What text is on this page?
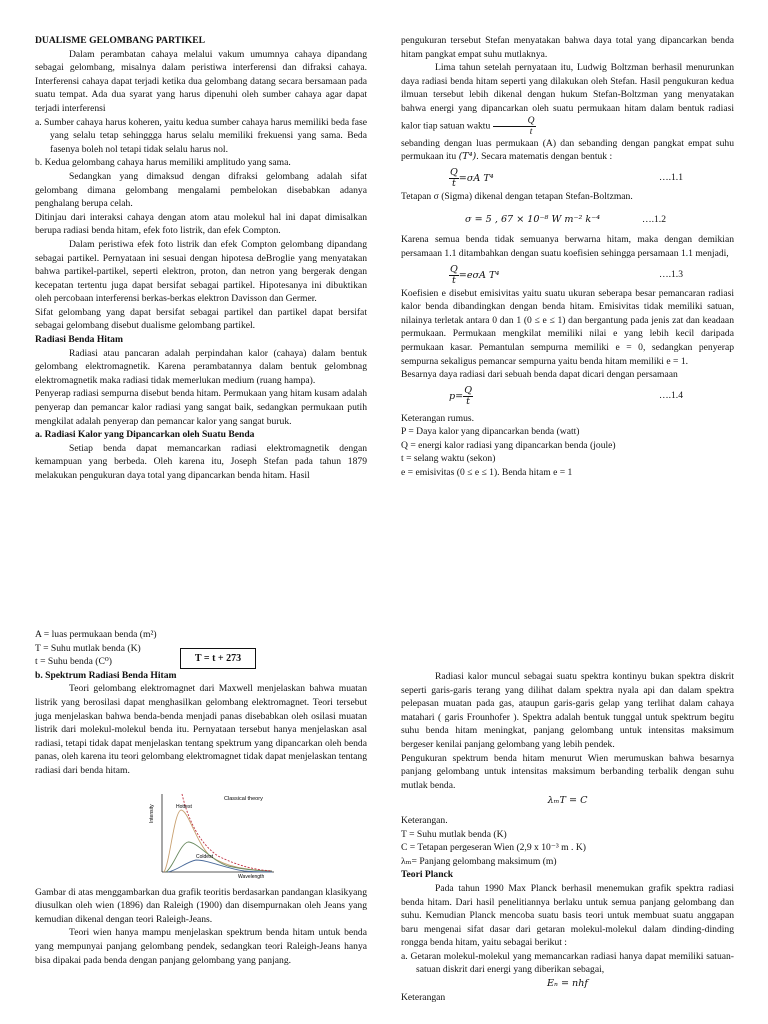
DUALISME GELOMBANG PARTIKEL

Dalam perambatan cahaya melalui vakum umumnya cahaya dipandang sebagai gelombang, misalnya dalam peristiwa interferensi dan difraksi cahaya. Interferensi cahaya dapat terjadi ketika dua gelombang datang secara bersamaan pada suatu tempat. Ada dua syarat yang harus dipenuhi oleh sumber cahaya agar dapat terjadi interferensi

a. Sumber cahaya harus koheren, yaitu kedua sumber cahaya harus memiliki beda fase yang selalu tetap sehinggga harus selalu memiliki frekuensi yang sama. Beda fasenya boleh nol tetapi tidak selalu harus nol.

b. Kedua gelombang cahaya harus memiliki amplitudo yang sama.

Sedangkan yang dimaksud dengan difraksi gelombang adalah sifat gelombang dimana gelombang mengalami pembelokan disebabkan adanya penghalang berupa celah.

Ditinjau dari interaksi cahaya dengan atom atau molekul hal ini dapat dimisalkan berupa radiasi benda hitam, efek foto listrik, dan efek Compton.

Dalam peristiwa efek foto listrik dan efek Compton gelombang dipandang sebagai partikel. Pernyataan ini sesuai dengan hipotesa deBroglie yang menyatakan bahwa partikel-partikel, seperti elektron, proton, dan netron yang bergerak dengan kecepatan tertentu juga dapat bersifat sebagai partikel. Hipotesanya ini dibuktikan oleh percobaan interferensi berkas-berkas elektron Davisson dan Germer.

Sifat gelombang yang dapat bersifat sebagai partikel dan partikel dapat bersifat sebagai gelombang disebut dualisme gelombang partikel.

Radiasi Benda Hitam

Radiasi atau pancaran adalah perpindahan kalor (cahaya) dalam bentuk gelombang elektromagnetik. Karena perambatannya dalam bentuk gelombnag elektromagnetik maka radiasi tidak memerlukan medium (ruang hampa).

Penyerap radiasi sempurna disebut benda hitam. Permukaan yang hitam kusam adalah penyerap dan pemancar kalor radiasi yang sangat baik, sedangkan permukaan putih mengkilat adalah penyerap dan pemancar kalor yang sangat buruk.

a. Radiasi Kalor yang Dipancarkan oleh Suatu Benda

Setiap benda dapat memancarkan radiasi elektromagnetik dengan kemampuan yang berbeda. Oleh karena itu, Joseph Stefan pada tahun 1879 melakukan pengukuran daya total yang dipancarkan benda hitam. Hasil

pengukuran tersebut Stefan menyatakan bahwa daya total yang dipancarkan benda hitam pangkat empat suhu mutlaknya.

Lima tahun setelah pernyataan itu, Ludwig Boltzman berhasil menurunkan daya radiasi benda hitam seperti yang dilakukan oleh Stefan. Hasil pengukuran kedua ilmuan tersebut lebih dikenal dengan hukum Stefan-Boltzman yang menyatakan bahwa energi yang dipancarkan oleh suatu permukaan hitam dalam bentuk radiasi kalor tiap satuan waktu $\frac{Q}{t}$

sebanding dengan luas permukaan (A) dan sebanding dengan pangkat empat suhu permukaan itu (T⁴). Secara matematis dengan bentuk :

$\frac{Q}{t} =\sigma A$ T⁴	….1.1

Tetapan σ (Sigma) dikenal dengan tetapan Stefan-Boltzman.

σ = 5 , 67 × 10⁻⁸ W m⁻² k⁻⁴	….1.2

Karena semua benda tidak semuanya berwarna hitam, maka dengan demikian persamaan 1.1 ditambahkan dengan suatu koefisien sehingga persamaan 1.1 menjadi,

$\frac{Q}{t} =e\sigma A$ T⁴	….1.3

Koefisien e disebut emisivitas yaitu suatu ukuran seberapa besar pemancaran radiasi kalor benda dibandingkan dengan benda hitam. Emisivitas tidak memiliki satuan, nilainya terletak antara 0 dan 1 (0 ≤ e ≤ 1) dan bergantung pada jenis zat dan keadaan permukaan. Permukaan mengkilat memiliki nilai e yang lebih kecil daripada permukaan kasar. Pemantulan sempurna memiliki e = 0, sedangkan penyerap sempurna sekaligus pemancar sempurna yaitu benda hitam memiliki e = 1.

Besarnya daya radiasi dari sebuah benda dapat dicari dengan persamaan

$p= \frac{Q}{t}$	….1.4

Keterangan rumus.

P = Daya kalor yang dipancarkan benda (watt)

Q = energi kalor radiasi yang dipancarkan benda (joule)

t = selang waktu (sekon)

e = emisivitas (0 ≤ e ≤ 1). Benda hitam e = 1

A = luas permukaan benda (m²)

T = Suhu mutlak benda (K)

t = Suhu benda (C⁰)

b. Spektrum Radiasi Benda Hitam

Teori gelombang elektromagnet dari Maxwell menjelaskan bahwa muatan listrik yang berosilasi dapat menghasilkan gelombang elektromagnet. Teori tersebut juga menjelaskan bahwa benda-benda menjadi panas disebabkan oleh osilasi muatan listrik dari molekul-molekul benda itu. Pernyataan tersebut hanya menjelaskan asal radiasi, tetapi tidak dapat menjelaskan tentang spektrum yang dipancarkan oleh benda panas, oleh karena itu teori gelombang elektromagnet tidak dapat menjelaskan tentang radiasi dari benda hitam.

Gambar di atas menggambarkan dua grafik teoritis berdasarkan pandangan klasikyang diusulkan oleh wien (1896) dan Raleigh (1900) dan disempurnakan oleh Jeans yang kemudian dikenal dengan teori Raleigh-Jeans.

Teori wien hanya mampu menjelaskan spektrum benda hitam untuk benda yang mempunyai panjang gelombang pendek, sedangkan teori Raleigh-Jeans hanya bisa dipakai pada benda dengan panjang gelombang yang panjang.

T = t + 273
Intensity
Classical theory
Hottest
Coldest
Wavelength

Radiasi kalor muncul sebagai suatu spektra kontinyu bukan spektra diskrit seperti garis-garis terang yang dilihat dalam spektra nyala api dan dalam spektra pelepasan muatan pada gas, ataupun garis-garis gelap yang terlihat dalam cahaya matahari ( garis Frounhofer ). Spektra adalah bentuk tunggal untuk spektrum begitu suhu benda hitam meningkat, panjang gelombang untuk intensitas maksimum bergeser kenilai panjang gelombang yang lebih pendek.

Pengukuran spektrum benda hitam menurut Wien merumuskan bahwa besarnya panjang gelombang untuk intensitas maksimum berbanding terbalik dengan suhu mutlak benda.

λₘT = C

Keterangan.

T = Suhu mutlak benda (K)

C = Tetapan pergeseran Wien (2,9 x 10⁻³ m . K)

λₘ= Panjang gelombang maksimum (m)

Teori Planck

Pada tahun 1990 Max Planck berhasil menemukan grafik spektra radiasi benda hitam. Dari hasil penelitiannya berlaku untuk semua panjang gelombang dan suhu. Kemudian Planck mencoba suatu basis teori untuk membuat suatu anggapan baru mengenai sifat dasar dari getaran molekul-molekul dalam dinding-dinding rongga benda hitam, yaitu sebagai berikut :

a. Getaran molekul-molekul yang memancarkan radiasi hanya dapat memiliki satuan-satuan diskrit dari energi yang diberikan sebagai,

Eₙ = nhf

Keterangan
